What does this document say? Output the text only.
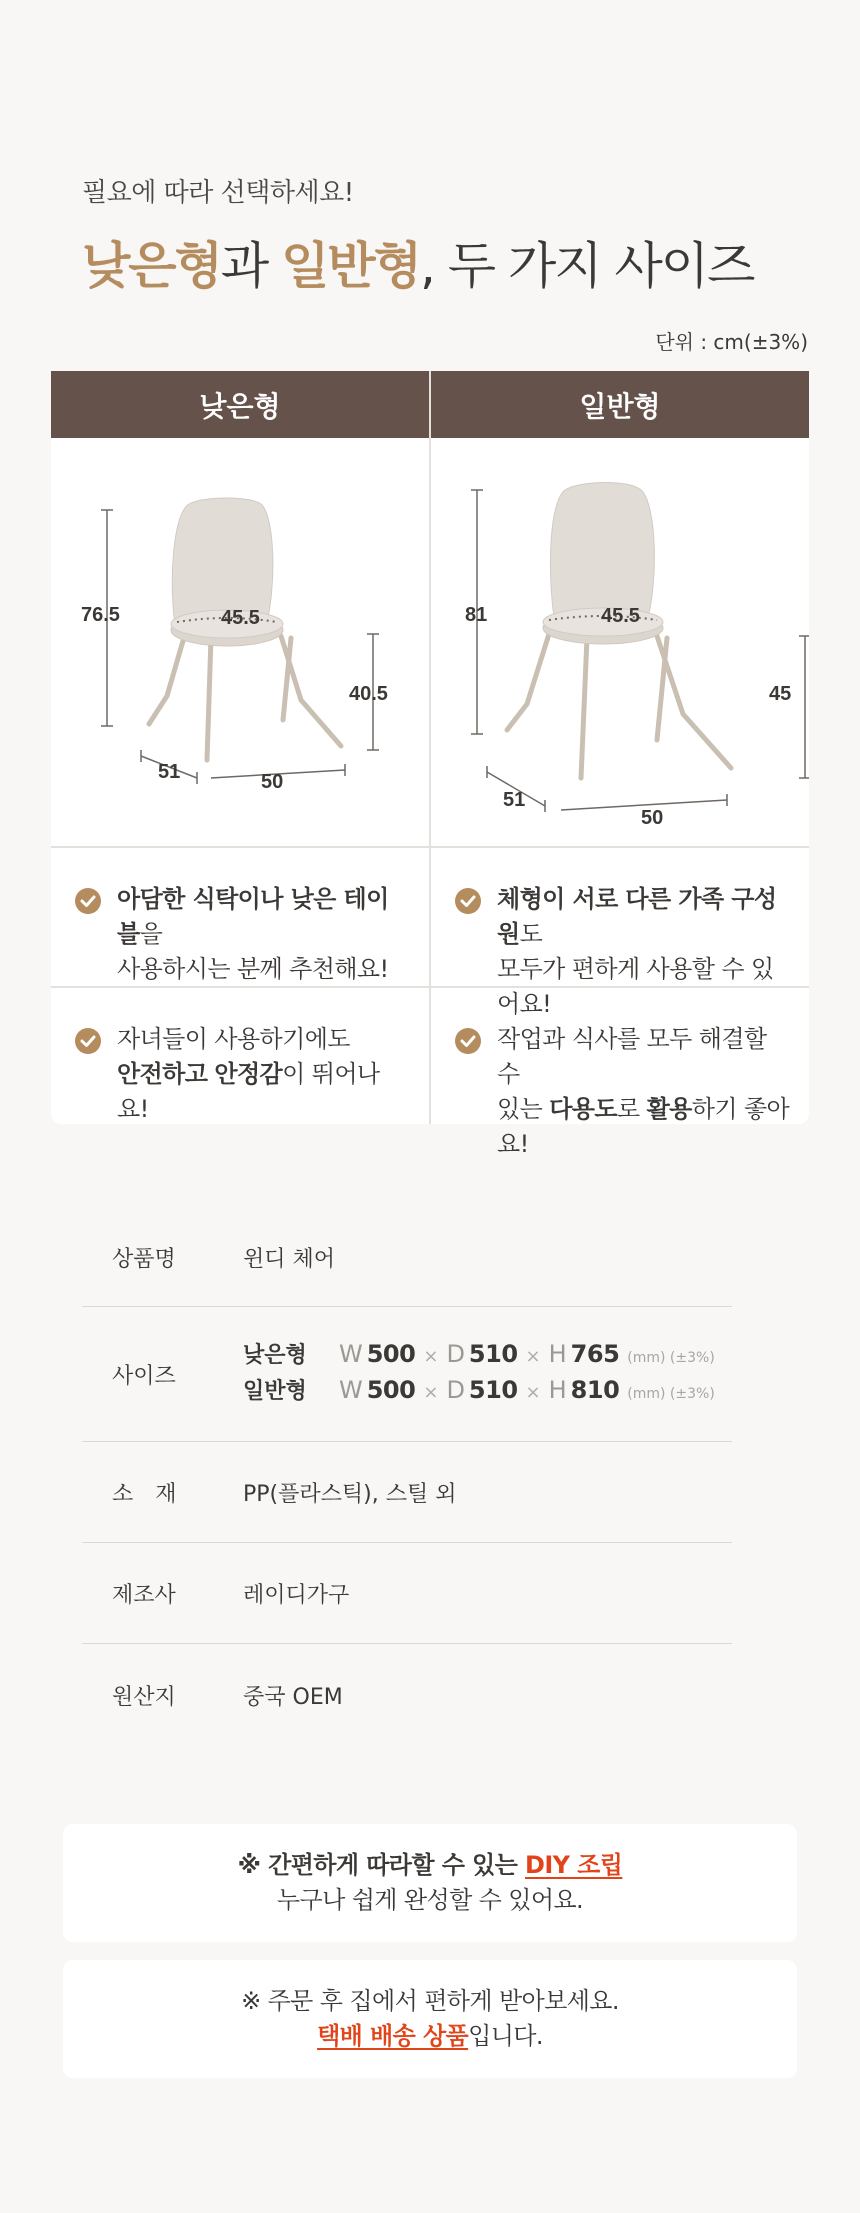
필요에 따라 선택하세요!
낮은형과 일반형, 두 가지 사이즈
단위 : cm(±3%)
낮은형
76.5	45.5
40.5
51	50
아담한 식탁이나 낮은 테이블을
사용하시는 분께 추천해요!
자녀들이 사용하기에도
안전하고 안정감이 뛰어나요!
일반형
81	45.5
45
51
50
체형이 서로 다른 가족 구성원도
모두가 편하게 사용할 수 있어요!
작업과 식사를 모두 해결할 수
있는 다용도로 활용하기 좋아요!
상품명	윈디 체어
사이즈
낮은형	W 500 × D 510 × H 765 (mm) (±3%)
일반형	W 500 × D 510 × H 810 (mm) (±3%)
소　재	PP(플라스틱), 스틸 외
제조사	레이디가구
원산지	중국 OEM
※ 간편하게 따라할 수 있는 DIY 조립
누구나 쉽게 완성할 수 있어요.
※ 주문 후 집에서 편하게 받아보세요.
택배 배송 상품입니다.
